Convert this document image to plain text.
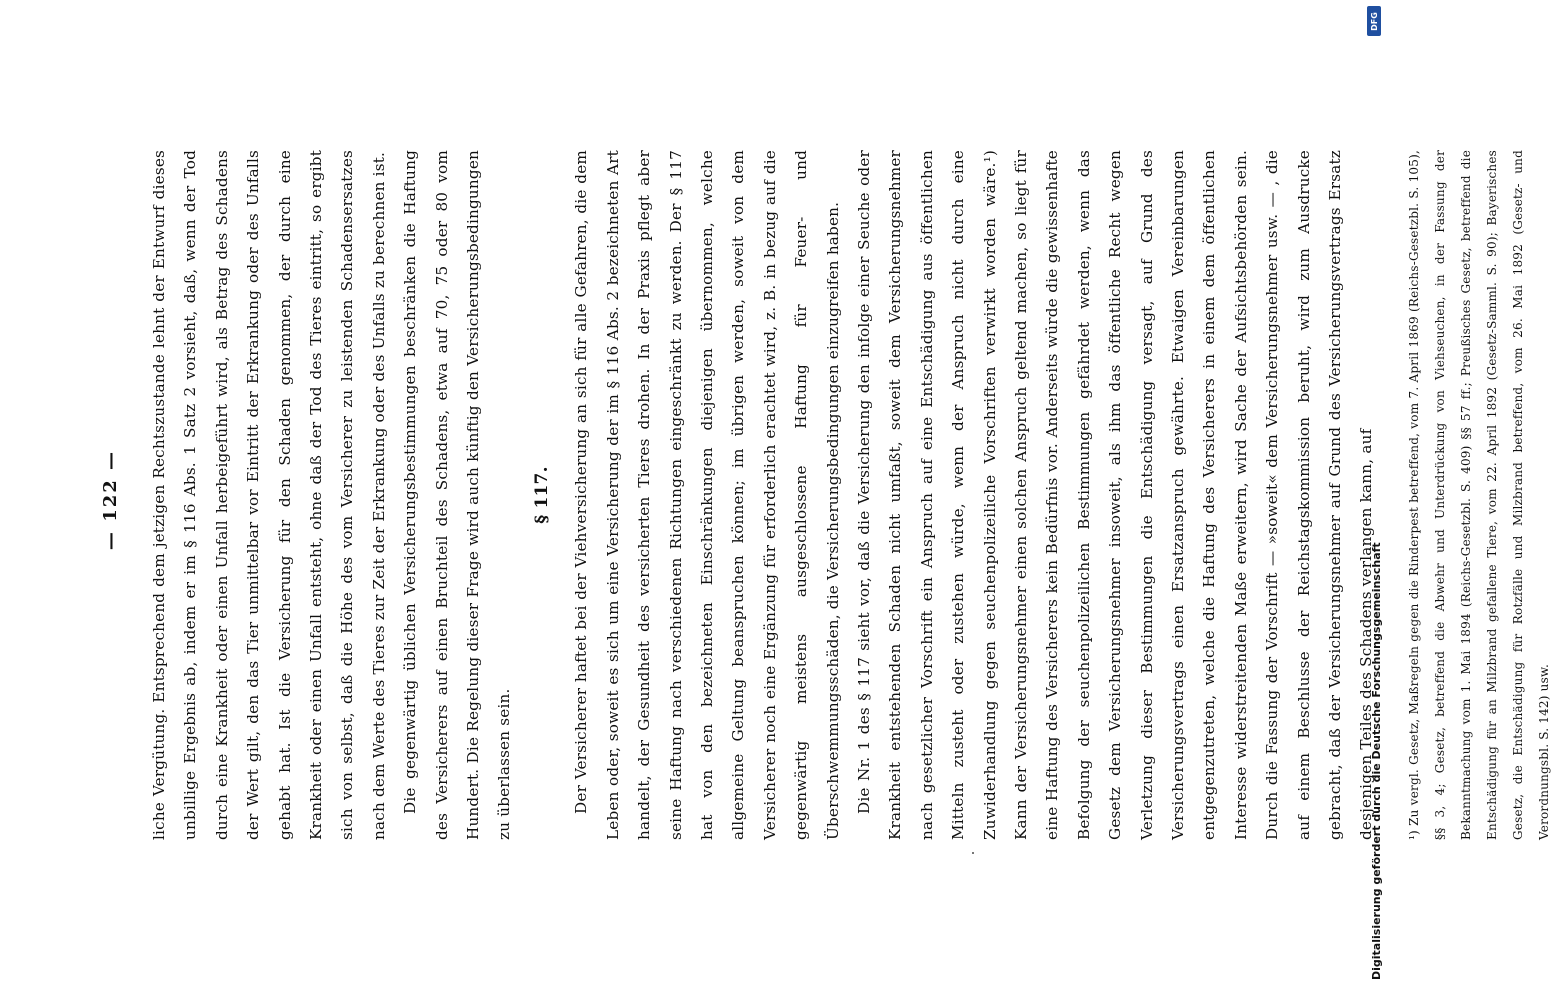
— 122 —	liche Vergütung. Entsprechend dem jetzigen Rechtszustande lehnt der Entwurf dieses unbillige Ergebnis ab, indem er im § 116 Abs. 1 Satz 2 vorsieht, daß, wenn der Tod durch eine Krankheit oder einen Unfall herbeigeführt wird, als Betrag des Schadens der Wert gilt, den das Tier unmittelbar vor Eintritt der Erkrankung oder des Unfalls gehabt hat. Ist die Versicherung für den Schaden genommen, der durch eine Krankheit oder einen Unfall entsteht, ohne daß der Tod des Tieres eintritt, so ergibt sich von selbst, daß die Höhe des vom Versicherer zu leistenden Schadensersatzes nach dem Werte des Tieres zur Zeit der Erkrankung oder des Unfalls zu berechnen ist. Die gegenwärtig üblichen Versicherungsbestimmungen beschränken die Haftung des Versicherers auf einen Bruchteil des Schadens, etwa auf 70, 75 oder 80 vom Hundert. Die Regelung dieser Frage wird auch künftig den Versicherungsbedingungen zu überlassen sein.

§ 117.	Der Versicherer haftet bei der Viehversicherung an sich für alle Gefahren, die dem Leben oder, soweit es sich um eine Versicherung der im § 116 Abs. 2 bezeichneten Art handelt, der Gesundheit des versicherten Tieres drohen. In der Praxis pflegt aber seine Haftung nach verschiedenen Richtungen eingeschränkt zu werden. Der § 117 hat von den bezeichneten Einschränkungen diejenigen übernommen, welche allgemeine Geltung beanspruchen können; im übrigen werden, soweit von dem Versicherer noch eine Ergänzung für erforderlich erachtet wird, z. B. in bezug auf die gegenwärtig meistens ausgeschlossene Haftung für Feuer- und Überschwemmungsschäden, die Versicherungsbedingungen einzugreifen haben. Die Nr. 1 des § 117 sieht vor, daß die Versicherung den infolge einer Seuche oder Krankheit entstehenden Schaden nicht umfaßt, soweit dem Versicherungsnehmer nach gesetzlicher Vorschrift ein Anspruch auf eine Entschädigung aus öffentlichen Mitteln zusteht oder zustehen würde, wenn der Anspruch nicht durch eine Zuwiderhandlung gegen seuchenpolizeiliche Vorschriften verwirkt worden wäre.¹) Kann der Versicherungsnehmer einen solchen Anspruch geltend machen, so liegt für eine Haftung des Versicherers kein Bedürfnis vor. Anderseits würde die gewissenhafte Befolgung der seuchenpolizeilichen Bestimmungen gefährdet werden, wenn das Gesetz dem Versicherungsnehmer insoweit, als ihm das öffentliche Recht wegen Verletzung dieser Bestimmungen die Entschädigung versagt, auf Grund des Versicherungsvertrags einen Ersatzanspruch gewährte. Etwaigen Vereinbarungen entgegenzutreten, welche die Haftung des Versicherers in einem dem öffentlichen Interesse widerstreitenden Maße erweitern, wird Sache der Aufsichtsbehörden sein. Durch die Fassung der Vorschrift — »soweit« dem Versicherungsnehmer usw. — , die auf einem Beschlusse der Reichstagskommission beruht, wird zum Ausdrucke gebracht, daß der Versicherungsnehmer auf Grund des Versicherungsvertrags Ersatz desjenigen Teiles des Schadens verlangen kann, auf	¹) Zu vergl. Gesetz, Maßregeln gegen die Rinderpest betreffend, vom 7. April 1869 (Reichs-Gesetzbl. S. 105), §§ 3, 4; Gesetz, betreffend die Abwehr und Unterdrückung von Viehseuchen, in der Fassung der Bekanntmachung vom 1. Mai 1894 (Reichs-Gesetzbl. S. 409) §§ 57 ff.; Preußisches Gesetz, betreffend die Entschädigung für an Milzbrand gefallene Tiere, vom 22. April 1892 (Gesetz-Samml. S. 90); Bayerisches Gesetz, die Entschädigung für Rotzfälle und Milzbrand betreffend, vom 26. Mai 1892 (Gesetz- und Verordnungsbl. S. 142) usw.
Digitalisierung gefördert durch die Deutsche Forschungsgemeinschaft
DFG
